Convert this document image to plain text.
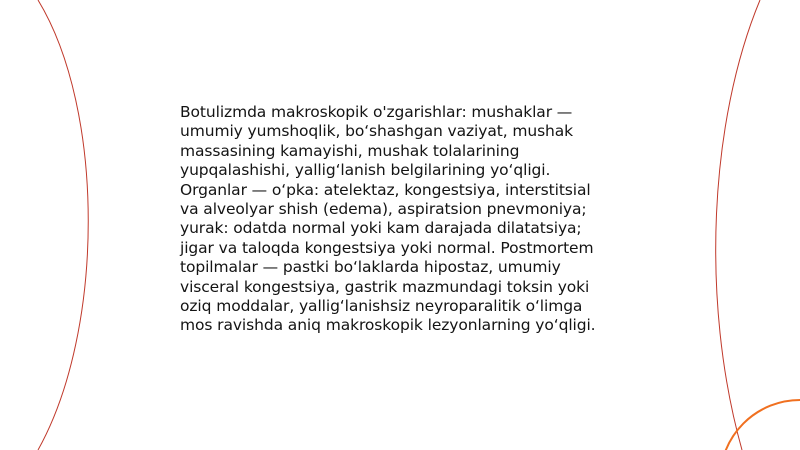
Botulizmda makroskopik o'zgarishlar: mushaklar —
umumiy yumshoqlik, bo‘shashgan vaziyat, mushak
massasining kamayishi, mushak tolalarining
yupqalashishi, yallig‘lanish belgilarining yo‘qligi.
Organlar — o‘pka: atelektaz, kongestsiya, interstitsial
va alveolyar shish (edema), aspiratsion pnevmoniya;
yurak: odatda normal yoki kam darajada dilatatsiya;
jigar va taloqda kongestsiya yoki normal. Postmortem
topilmalar — pastki bo‘laklarda hipostaz, umumiy
visceral kongestsiya, gastrik mazmundagi toksin yoki
oziq moddalar, yallig‘lanishsiz neyroparalitik o‘limga
mos ravishda aniq makroskopik lezyonlarning yo‘qligi.
